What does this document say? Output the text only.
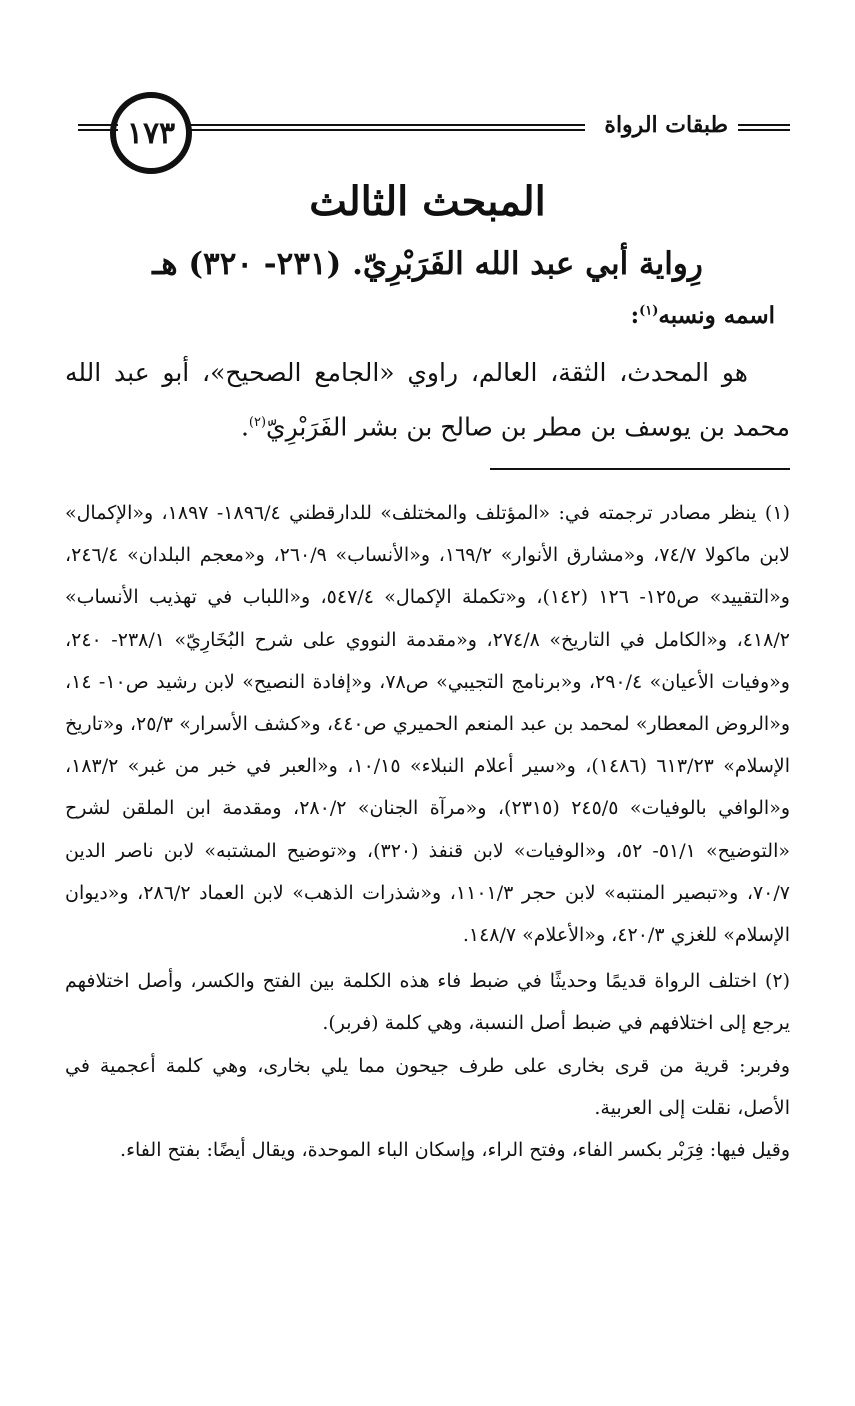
طبقات الرواة
١٧٣
المبحث الثالث
رِواية أبي عبد الله الفَرَبْرِيّ. (٢٣١- ٣٢٠) هـ
اسمه ونسبه$^{(١)}$:

هو المحدث، الثقة، العالم، راوي «الجامع الصحيح»، أبو عبد الله محمد بن يوسف بن مطر بن صالح بن بشر الفَرَبْرِيّ$^{(٢)}$.

(١) ينظر مصادر ترجمته في: «المؤتلف والمختلف» للدارقطني ١٨٩٦/٤- ١٨٩٧، و«الإكمال» لابن ماكولا ٧٤/٧، و«مشارق الأنوار» ١٦٩/٢، و«الأنساب» ٢٦٠/٩، و«معجم البلدان» ٢٤٦/٤، و«التقييد» ص١٢٥- ١٢٦ (١٤٢)، و«تكملة الإكمال» ٥٤٧/٤، و«اللباب في تهذيب الأنساب» ٤١٨/٢، و«الكامل في التاريخ» ٢٧٤/٨، و«مقدمة النووي على شرح البُخَارِيّ» ٢٣٨/١- ٢٤٠، و«وفيات الأعيان» ٢٩٠/٤، و«برنامج التجيبي» ص٧٨، و«إفادة النصيح» لابن رشيد ص١٠- ١٤، و«الروض المعطار» لمحمد بن عبد المنعم الحميري ص٤٤٠، و«كشف الأسرار» ٢٥/٣، و«تاريخ الإسلام» ٦١٣/٢٣ (١٤٨٦)، و«سير أعلام النبلاء» ١٠/١٥، و«العبر في خبر من غبر» ١٨٣/٢، و«الوافي بالوفيات» ٢٤٥/٥ (٢٣١٥)، و«مرآة الجنان» ٢٨٠/٢، ومقدمة ابن الملقن لشرح «التوضيح» ٥١/١- ٥٢، و«الوفيات» لابن قنفذ (٣٢٠)، و«توضيح المشتبه» لابن ناصر الدين ٧٠/٧، و«تبصير المنتبه» لابن حجر ١١٠١/٣، و«شذرات الذهب» لابن العماد ٢٨٦/٢، و«ديوان الإسلام» للغزي ٤٢٠/٣، و«الأعلام» ١٤٨/٧.

(٢) اختلف الرواة قديمًا وحديثًا في ضبط فاء هذه الكلمة بين الفتح والكسر، وأصل اختلافهم يرجع إلى اختلافهم في ضبط أصل النسبة، وهي كلمة (فربر).

وفربر: قرية من قرى بخارى على طرف جيحون مما يلي بخارى، وهي كلمة أعجمية في الأصل، نقلت إلى العربية.

وقيل فيها: فِرَبْر بكسر الفاء، وفتح الراء، وإسكان الباء الموحدة، ويقال أيضًا: بفتح الفاء.
